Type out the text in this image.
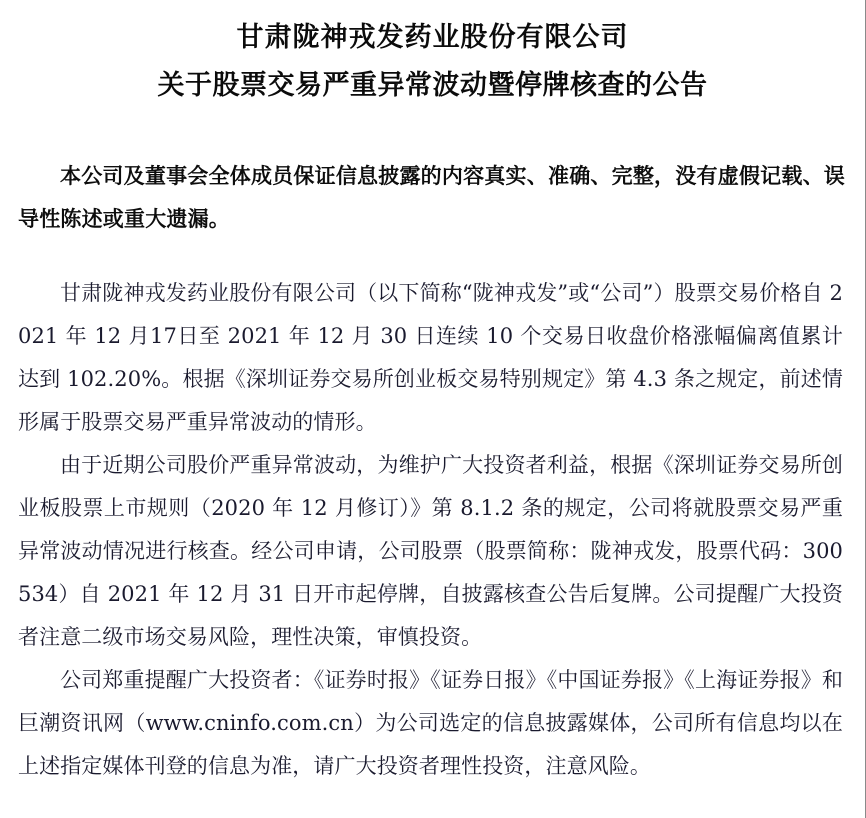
甘肃陇神戎发药业股份有限公司
关于股票交易严重异常波动暨停牌核查的公告
本公司及董事会全体成员保证信息披露的内容真实、准确、完整，没有虚假记载、误导性陈述或重大遗漏。

甘肃陇神戎发药业股份有限公司（以下简称“陇神戎发”或“公司”）股票交易价格自 2021 年 12 月17日至 2021 年 12 月 30 日连续 10 个交易日收盘价格涨幅偏离值累计达到 102.20%。根据《深圳证券交易所创业板交易特别规定》第 4.3 条之规定，前述情形属于股票交易严重异常波动的情形。

由于近期公司股价严重异常波动，为维护广大投资者利益，根据《深圳证券交易所创业板股票上市规则（2020 年 12 月修订）》第 8.1.2 条的规定，公司将就股票交易严重异常波动情况进行核查。经公司申请，公司股票（股票简称：陇神戎发，股票代码：300534）自 2021 年 12 月 31 日开市起停牌，自披露核查公告后复牌。公司提醒广大投资者注意二级市场交易风险，理性决策，审慎投资。

公司郑重提醒广大投资者：《证券时报》《证券日报》《中国证券报》《上海证券报》和巨潮资讯网（www.cninfo.com.cn）为公司选定的信息披露媒体，公司所有信息均以在上述指定媒体刊登的信息为准，请广大投资者理性投资，注意风险。
